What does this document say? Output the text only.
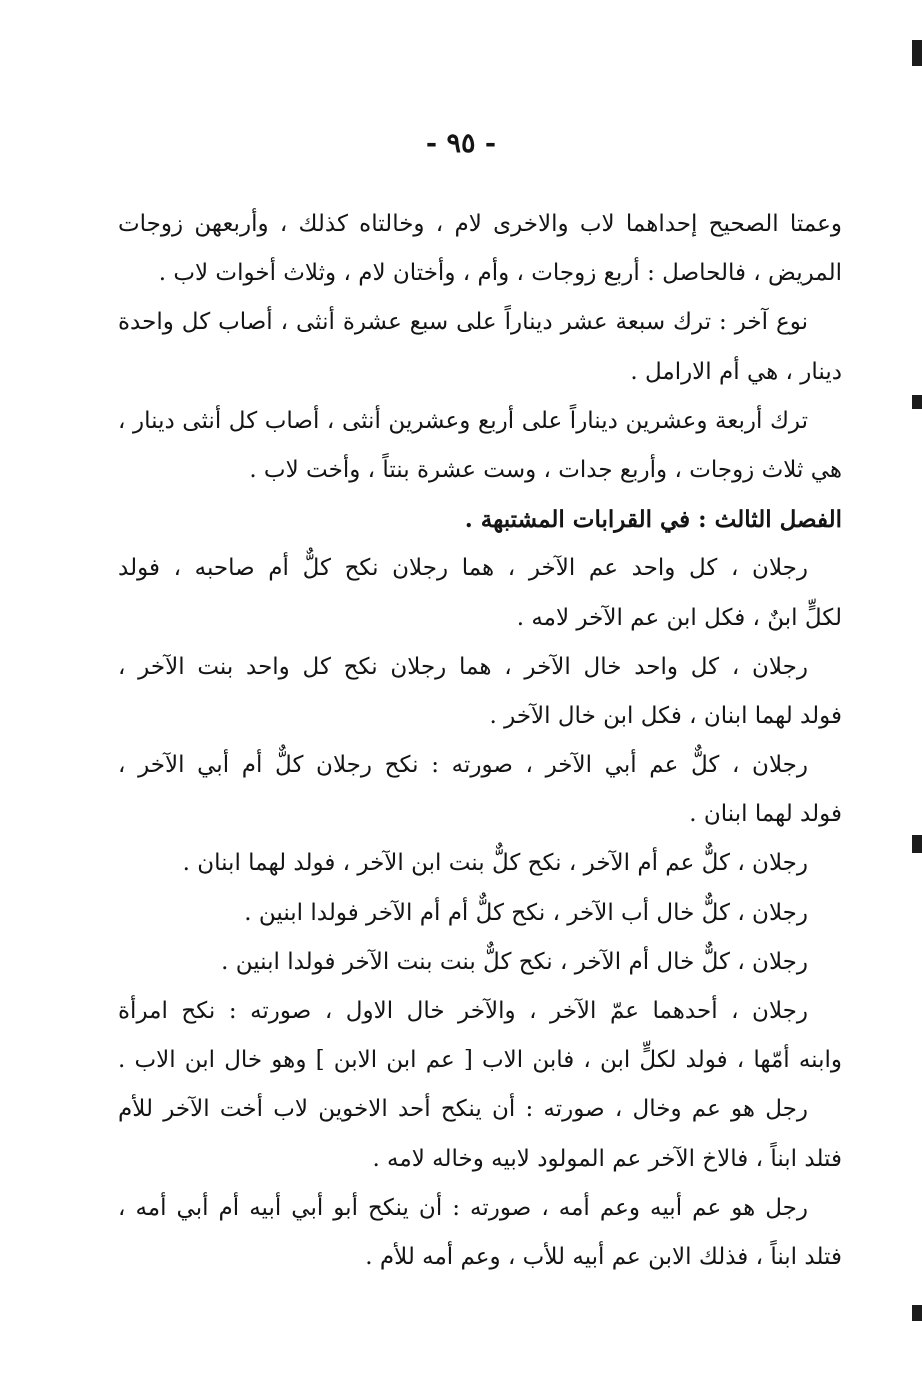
- ٩٥ -
وعمتا الصحيح إحداهما لاب والاخرى لام ، وخالتاه كذلك ، وأربعهن زوجات
المريض ، فالحاصل : أربع زوجات ، وأم ، وأختان لام ، وثلاث أخوات لاب .
نوع آخر : ترك سبعة عشر ديناراً على سبع عشرة أنثى ، أصاب كل واحدة
دينار ، هي أم الارامل .
ترك أربعة وعشرين ديناراً على أربع وعشرين أنثى ، أصاب كل أنثى دينار ،
هي ثلاث زوجات ، وأربع جدات ، وست عشرة بنتاً ، وأخت لاب .
الفصل الثالث : في القرابات المشتبهة .
رجلان ، كل واحد عم الآخر ، هما رجلان نكح كلٌّ أم صاحبه ، فولد
لكلٍّ ابنٌ ، فكل ابن عم الآخر لامه .
رجلان ، كل واحد خال الآخر ، هما رجلان نكح كل واحد بنت الآخر ،
فولد لهما ابنان ، فكل ابن خال الآخر .
رجلان ، كلٌّ عم أبي الآخر ، صورته : نكح رجلان كلٌّ أم أبي الآخر ،
فولد لهما ابنان .
رجلان ، كلٌّ عم أم الآخر ، نكح كلٌّ بنت ابن الآخر ، فولد لهما ابنان .
رجلان ، كلٌّ خال أب الآخر ، نكح كلٌّ أم أم الآخر فولدا ابنين .
رجلان ، كلٌّ خال أم الآخر ، نكح كلٌّ بنت بنت الآخر فولدا ابنين .
رجلان ، أحدهما عمّ الآخر ، والآخر خال الاول ، صورته : نكح امرأة
وابنه أمّها ، فولد لكلٍّ ابن ، فابن الاب [ عم ابن الابن ] وهو خال ابن الاب .
رجل هو عم وخال ، صورته : أن ينكح أحد الاخوين لاب أخت الآخر للأم
فتلد ابناً ، فالاخ الآخر عم المولود لابيه وخاله لامه .
رجل هو عم أبيه وعم أمه ، صورته : أن ينكح أبو أبي أبيه أم أبي أمه ،
فتلد ابناً ، فذلك الابن عم أبيه للأب ، وعم أمه للأم .
